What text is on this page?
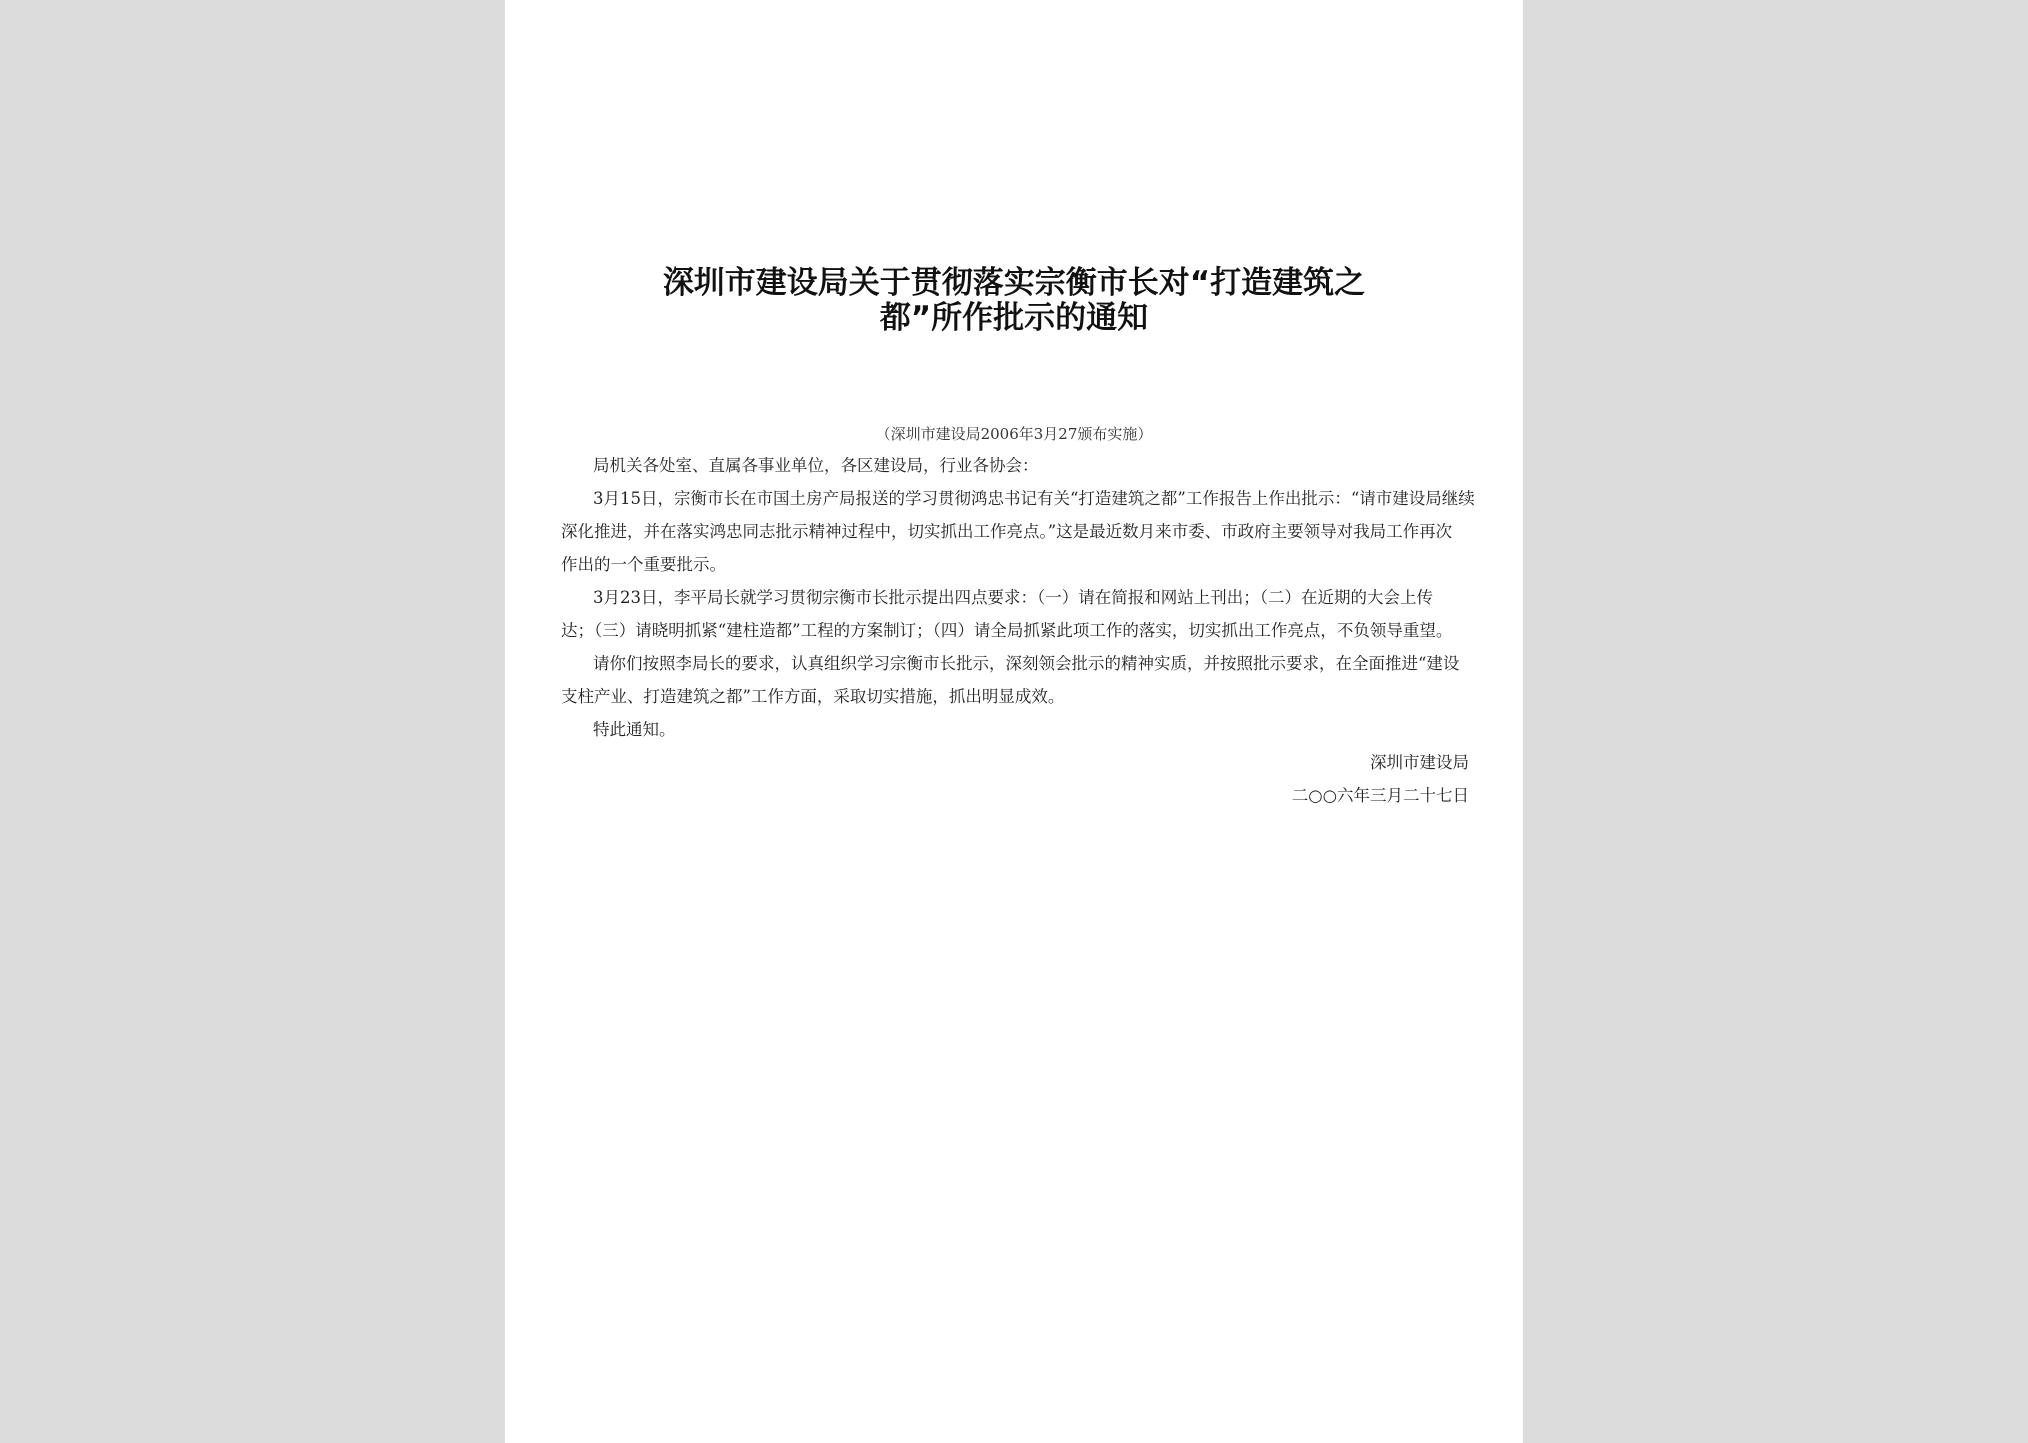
深圳市建设局关于贯彻落实宗衡市长对“打造建筑之
都”所作批示的通知
（深圳市建设局2006年3月27颁布实施）
局机关各处室、直属各事业单位，各区建设局，行业各协会：
3月15日，宗衡市长在市国土房产局报送的学习贯彻鸿忠书记有关“打造建筑之都”工作报告上作出批示：“请市建设局继续
深化推进，并在落实鸿忠同志批示精神过程中，切实抓出工作亮点。”这是最近数月来市委、市政府主要领导对我局工作再次
作出的一个重要批示。
3月23日，李平局长就学习贯彻宗衡市长批示提出四点要求：（一）请在简报和网站上刊出；（二）在近期的大会上传
达；（三）请晓明抓紧“建柱造都”工程的方案制订；（四）请全局抓紧此项工作的落实，切实抓出工作亮点，不负领导重望。
请你们按照李局长的要求，认真组织学习宗衡市长批示，深刻领会批示的精神实质，并按照批示要求，在全面推进“建设
支柱产业、打造建筑之都”工作方面，采取切实措施，抓出明显成效。
特此通知。
深圳市建设局
二○○六年三月二十七日
